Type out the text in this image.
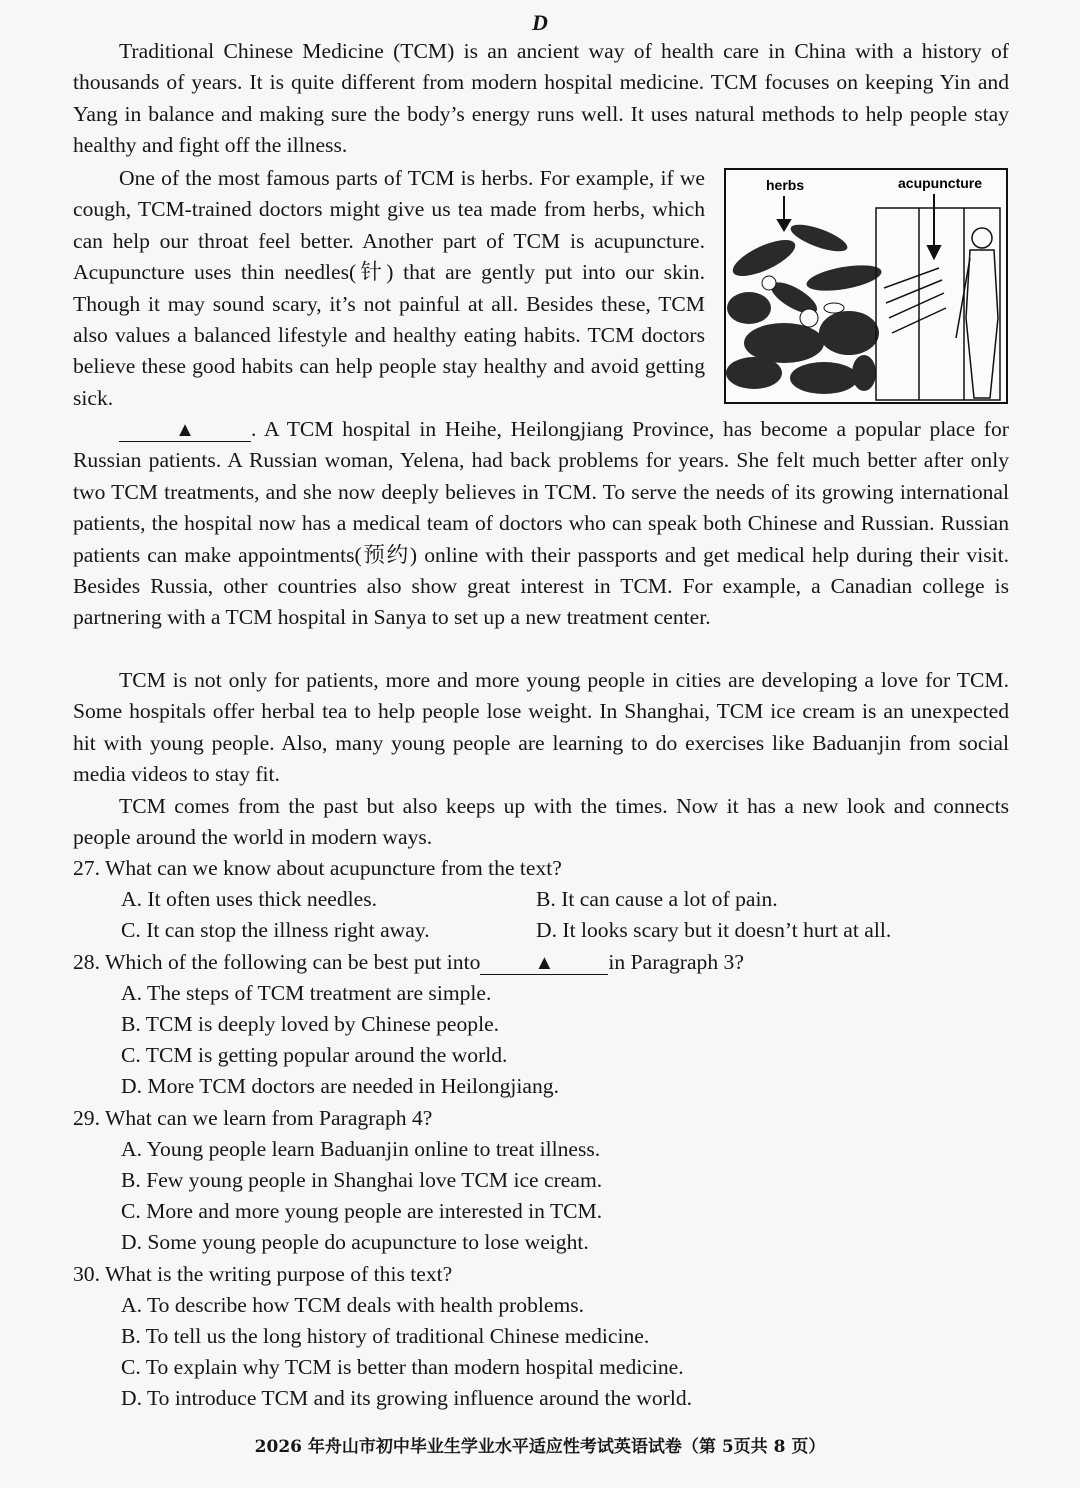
D

Traditional Chinese Medicine (TCM) is an ancient way of health care in China with a history of thousands of years. It is quite different from modern hospital medicine. TCM focuses on keeping Yin and Yang in balance and making sure the body’s energy runs well. It uses natural methods to help people stay healthy and fight off the illness.

One of the most famous parts of TCM is herbs. For example, if we cough, TCM-trained doctors might give us tea made from herbs, which can help our throat feel better. Another part of TCM is acupuncture. Acupuncture uses thin needles(针) that are gently put into our skin. Though it may sound scary, it’s not painful at all. Besides these, TCM also values a balanced lifestyle and healthy eating habits. TCM doctors believe these good habits can help people stay healthy and avoid getting sick.

herbs	acupuncture

▲	. A TCM hospital in Heihe, Heilongjiang Province, has become a popular place for Russian patients. A Russian woman, Yelena, had back problems for years. She felt much better after only two TCM treatments, and she now deeply believes in TCM. To serve the needs of its growing international patients, the hospital now has a medical team of doctors who can speak both Chinese and Russian. Russian patients can make appointments(预约) online with their passports and get medical help during their visit. Besides Russia, other countries also show great interest in TCM. For example, a Canadian college is partnering with a TCM hospital in Sanya to set up a new treatment center.

TCM is not only for patients, more and more young people in cities are developing a love for TCM. Some hospitals offer herbal tea to help people lose weight. In Shanghai, TCM ice cream is an unexpected hit with young people. Also, many young people are learning to do exercises like Baduanjin from social media videos to stay fit.

TCM comes from the past but also keeps up with the times. Now it has a new look and connects people around the world in modern ways.

27. What can we know about acupuncture from the text?

A. It often uses thick needles.	B. It can cause a lot of pain.

C. It can stop the illness right away.	D. It looks scary but it doesn’t hurt at all.

28. Which of the following can be best put into	▲	in Paragraph 3?

A. The steps of TCM treatment are simple.

B. TCM is deeply loved by Chinese people.

C. TCM is getting popular around the world.

D. More TCM doctors are needed in Heilongjiang.

29. What can we learn from Paragraph 4?

A. Young people learn Baduanjin online to treat illness.

B. Few young people in Shanghai love TCM ice cream.

C. More and more young people are interested in TCM.

D. Some young people do acupuncture to lose weight.

30. What is the writing purpose of this text?

A. To describe how TCM deals with health problems.

B. To tell us the long history of traditional Chinese medicine.

C. To explain why TCM is better than modern hospital medicine.

D. To introduce TCM and its growing influence around the world.

2026 年舟山市初中毕业生学业水平适应性考试英语试卷（第 5页共 8 页）
